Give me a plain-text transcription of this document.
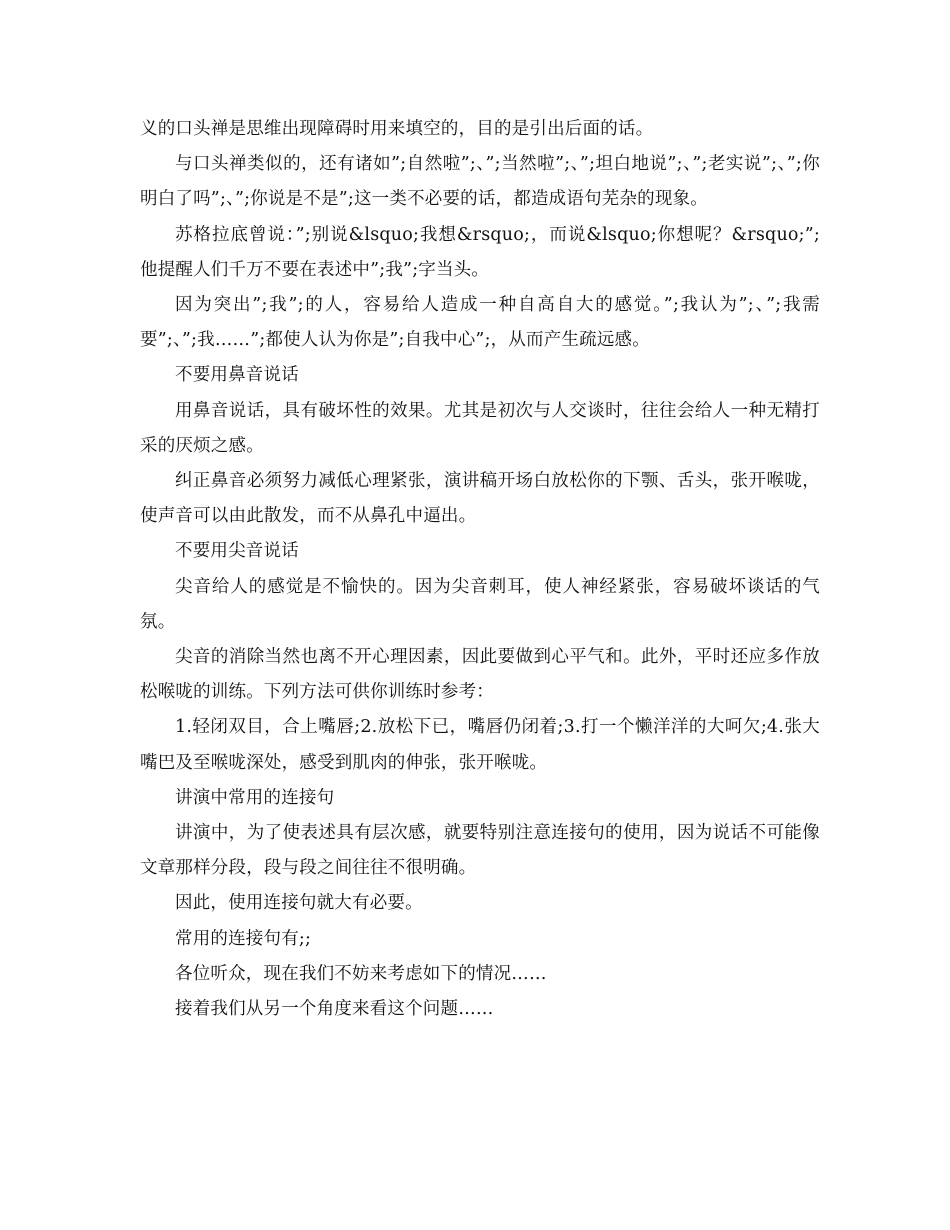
义的口头禅是思维出现障碍时用来填空的，目的是引出后面的话。

与口头禅类似的，还有诸如”;自然啦”;、”;当然啦”;、”;坦白地说”;、”;老实说”;、”;你明白了吗”;、”;你说是不是”;这一类不必要的话，都造成语句芜杂的现象。

苏格拉底曾说：”;别说&lsquo;我想&rsquo;，而说&lsquo;你想呢？&rsquo;”;他提醒人们千万不要在表述中”;我”;字当头。

因为突出”;我”;的人，容易给人造成一种自高自大的感觉。”;我认为”;、”;我需要”;、”;我……”;都使人认为你是”;自我中心”;，从而产生疏远感。

不要用鼻音说话

用鼻音说话，具有破坏性的效果。尤其是初次与人交谈时，往往会给人一种无精打采的厌烦之感。

纠正鼻音必须努力减低心理紧张，演讲稿开场白放松你的下颚、舌头，张开喉咙，使声音可以由此散发，而不从鼻孔中逼出。

不要用尖音说话

尖音给人的感觉是不愉快的。因为尖音刺耳，使人神经紧张，容易破坏谈话的气氛。

尖音的消除当然也离不开心理因素，因此要做到心平气和。此外，平时还应多作放松喉咙的训练。下列方法可供你训练时参考：

1.轻闭双目，合上嘴唇;2.放松下已，嘴唇仍闭着;3.打一个懒洋洋的大呵欠;4.张大嘴巴及至喉咙深处，感受到肌肉的伸张，张开喉咙。

讲演中常用的连接句

讲演中，为了使表述具有层次感，就要特别注意连接句的使用，因为说话不可能像文章那样分段，段与段之间往往不很明确。

因此，使用连接句就大有必要。

常用的连接句有;;

各位听众，现在我们不妨来考虑如下的情况……

接着我们从另一个角度来看这个问题……
